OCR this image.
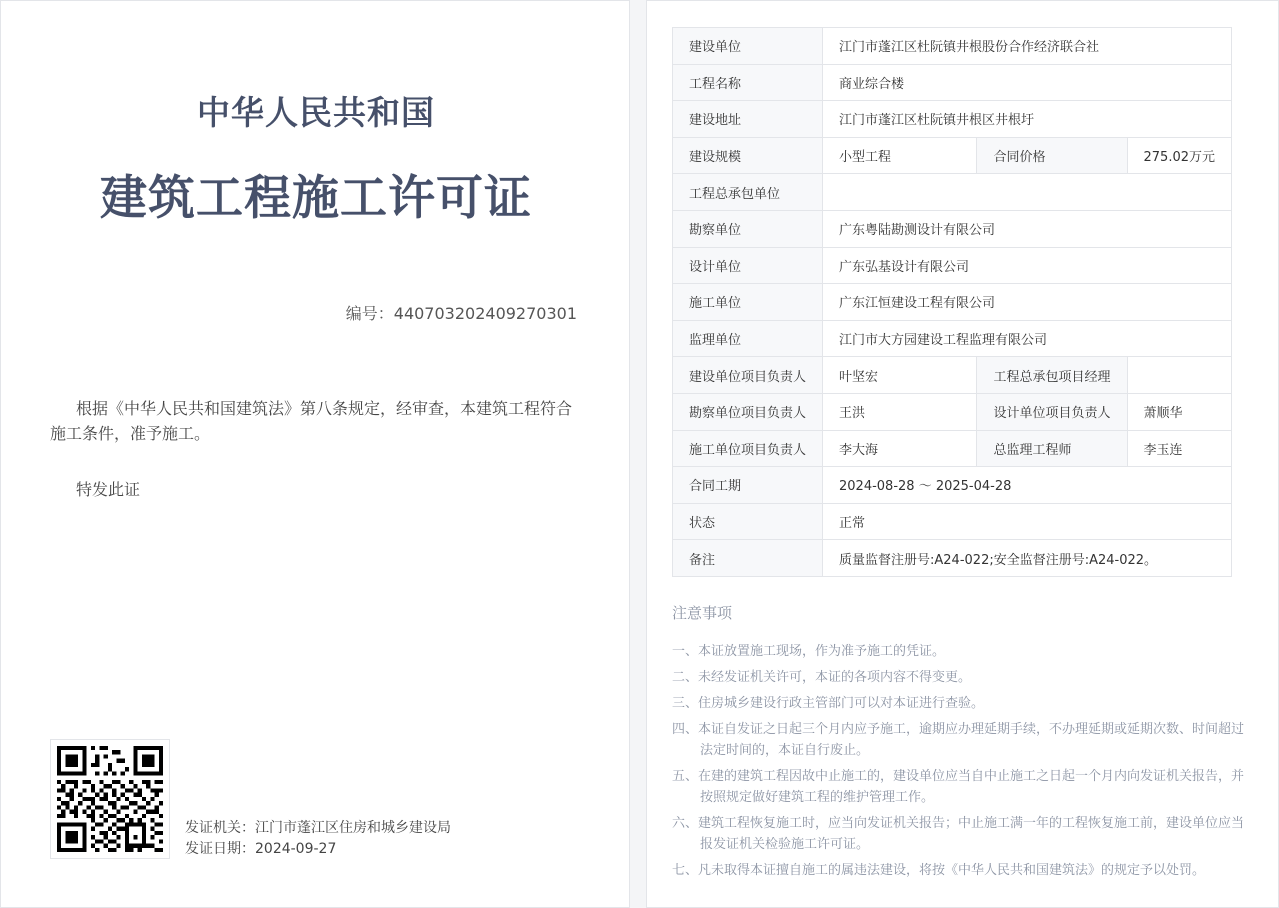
中华人民共和国
建筑工程施工许可证
编号：440703202409270301

根据《中华人民共和国建筑法》第八条规定，经审查，本建筑工程符合施工条件，准予施工。

特发此证
发证机关：江门市蓬江区住房和城乡建设局
发证日期：2024-09-27
建设单位	江门市蓬江区杜阮镇井根股份合作经济联合社		
工程名称	商业综合楼		
建设地址	江门市蓬江区杜阮镇井根区井根圩		
建设规模	小型工程	合同价格	275.02万元
工程总承包单位			
勘察单位	广东粤陆勘测设计有限公司		
设计单位	广东弘基设计有限公司		
施工单位	广东江恒建设工程有限公司		
监理单位	江门市大方园建设工程监理有限公司		
建设单位项目负责人	叶坚宏	工程总承包项目经理	
勘察单位项目负责人	王洪	设计单位项目负责人	萧顺华
施工单位项目负责人	李大海	总监理工程师	李玉连
合同工期	2024-08-28 ～ 2025-04-28		
状态	正常		
备注	质量监督注册号:A24-022;安全监督注册号:A24-022。		
注意事项
一、本证放置施工现场，作为准予施工的凭证。
二、未经发证机关许可，本证的各项内容不得变更。
三、住房城乡建设行政主管部门可以对本证进行查验。
四、本证自发证之日起三个月内应予施工，逾期应办理延期手续，不办理延期或延期次数、时间超过法定时间的，本证自行废止。
五、在建的建筑工程因故中止施工的，建设单位应当自中止施工之日起一个月内向发证机关报告，并按照规定做好建筑工程的维护管理工作。
六、建筑工程恢复施工时，应当向发证机关报告；中止施工满一年的工程恢复施工前，建设单位应当报发证机关检验施工许可证。
七、凡未取得本证擅自施工的属违法建设，将按《中华人民共和国建筑法》的规定予以处罚。
